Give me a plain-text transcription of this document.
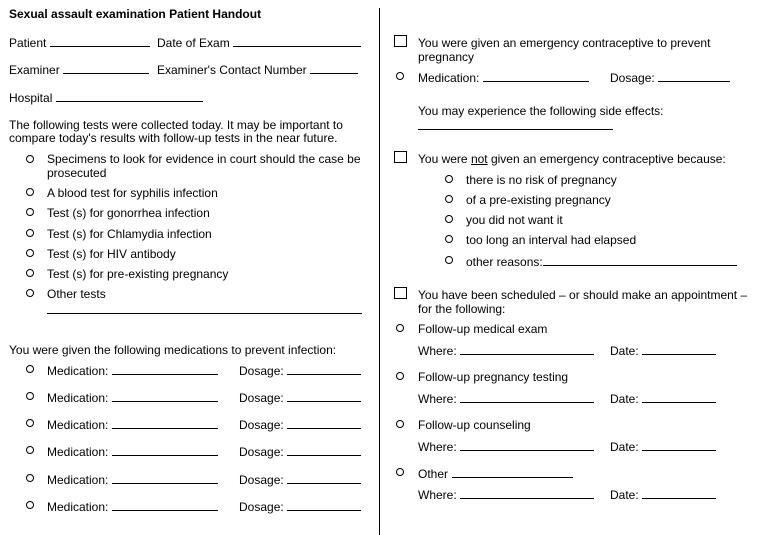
Sexual assault examination Patient Handout
Patient	Date of Exam
Examiner	Examiner's Contact Number
Hospital
The following tests were collected today. It may be important to
compare today's results with follow-up tests in the near future.
Specimens to look for evidence in court should the case be
prosecuted
A blood test for syphilis infection
Test (s) for gonorrhea infection
Test (s) for Chlamydia infection
Test (s) for HIV antibody
Test (s) for pre-existing pregnancy
Other tests
You were given the following medications to prevent infection:
Medication:	Dosage:
Medication:	Dosage:
Medication:	Dosage:
Medication:	Dosage:
Medication:	Dosage:
Medication:	Dosage:
You were given an emergency contraceptive to prevent
pregnancy
Medication:	Dosage:
You may experience the following side effects:
You were not given an emergency contraceptive because:
there is no risk of pregnancy
of a pre-existing pregnancy
you did not want it
too long an interval had elapsed
other reasons:
You have been scheduled – or should make an appointment –
for the following:
Follow-up medical exam
Where:	Date:
Follow-up pregnancy testing
Where:	Date:
Follow-up counseling
Where:	Date:
Other
Where:	Date:
